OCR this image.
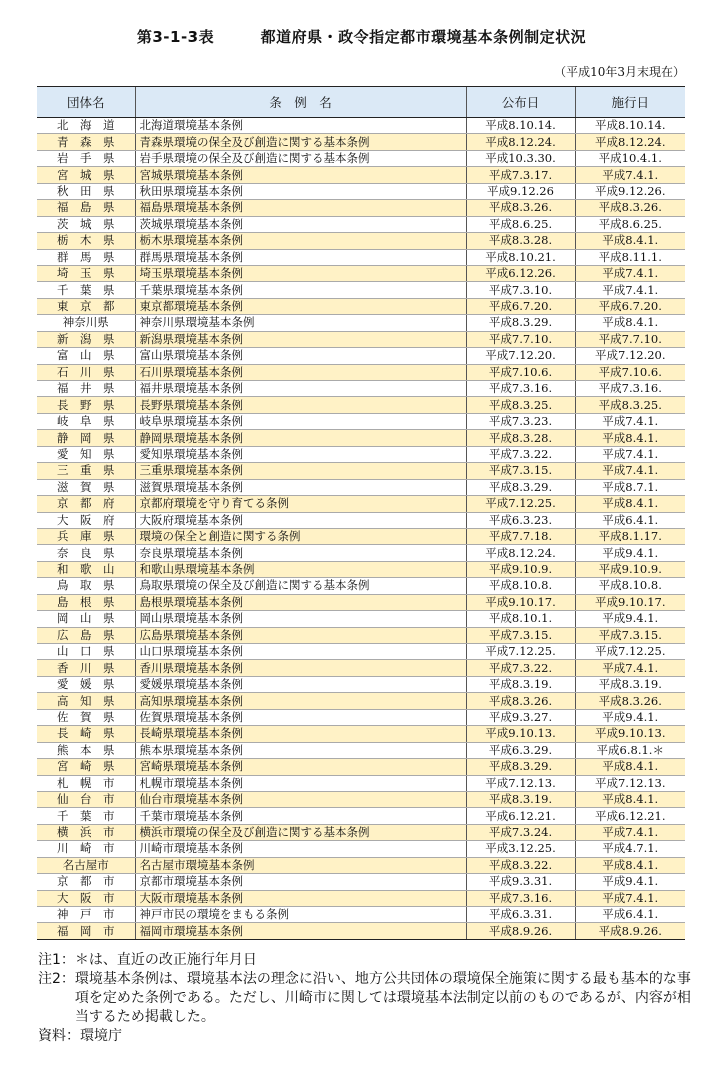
第3-1-3表　　　	都道府県・政令指定都市環境基本条例制定状況
（平成10年3月末現在）
団体名	条　例　名	公布日	施行日
北　海　道	北海道環境基本条例	平成8.10.14.	平成8.10.14.
青　森　県	青森県環境の保全及び創造に関する基本条例	平成8.12.24.	平成8.12.24.
岩　手　県	岩手県環境の保全及び創造に関する基本条例	平成10.3.30.	平成10.4.1.
宮　城　県	宮城県環境基本条例	平成7.3.17.	平成7.4.1.
秋　田　県	秋田県環境基本条例	平成9.12.26	平成9.12.26.
福　島　県	福島県環境基本条例	平成8.3.26.	平成8.3.26.
茨　城　県	茨城県環境基本条例	平成8.6.25.	平成8.6.25.
栃　木　県	栃木県環境基本条例	平成8.3.28.	平成8.4.1.
群　馬　県	群馬県環境基本条例	平成8.10.21.	平成8.11.1.
埼　玉　県	埼玉県環境基本条例	平成6.12.26.	平成7.4.1.
千　葉　県	千葉県環境基本条例	平成7.3.10.	平成7.4.1.
東　京　都	東京都環境基本条例	平成6.7.20.	平成6.7.20.
神奈川県	神奈川県環境基本条例	平成8.3.29.	平成8.4.1.
新　潟　県	新潟県環境基本条例	平成7.7.10.	平成7.7.10.
富　山　県	富山県環境基本条例	平成7.12.20.	平成7.12.20.
石　川　県	石川県環境基本条例	平成7.10.6.	平成7.10.6.
福　井　県	福井県環境基本条例	平成7.3.16.	平成7.3.16.
長　野　県	長野県環境基本条例	平成8.3.25.	平成8.3.25.
岐　阜　県	岐阜県環境基本条例	平成7.3.23.	平成7.4.1.
静　岡　県	静岡県環境基本条例	平成8.3.28.	平成8.4.1.
愛　知　県	愛知県環境基本条例	平成7.3.22.	平成7.4.1.
三　重　県	三重県環境基本条例	平成7.3.15.	平成7.4.1.
滋　賀　県	滋賀県環境基本条例	平成8.3.29.	平成8.7.1.
京　都　府	京都府環境を守り育てる条例	平成7.12.25.	平成8.4.1.
大　阪　府	大阪府環境基本条例	平成6.3.23.	平成6.4.1.
兵　庫　県	環境の保全と創造に関する条例	平成7.7.18.	平成8.1.17.
奈　良　県	奈良県環境基本条例	平成8.12.24.	平成9.4.1.
和　歌　山	和歌山県環境基本条例	平成9.10.9.	平成9.10.9.
鳥　取　県	鳥取県環境の保全及び創造に関する基本条例	平成8.10.8.	平成8.10.8.
島　根　県	島根県環境基本条例	平成9.10.17.	平成9.10.17.
岡　山　県	岡山県環境基本条例	平成8.10.1.	平成9.4.1.
広　島　県	広島県環境基本条例	平成7.3.15.	平成7.3.15.
山　口　県	山口県環境基本条例	平成7.12.25.	平成7.12.25.
香　川　県	香川県環境基本条例	平成7.3.22.	平成7.4.1.
愛　媛　県	愛媛県環境基本条例	平成8.3.19.	平成8.3.19.
高　知　県	高知県環境基本条例	平成8.3.26.	平成8.3.26.
佐　賀　県	佐賀県環境基本条例	平成9.3.27.	平成9.4.1.
長　崎　県	長崎県環境基本条例	平成9.10.13.	平成9.10.13.
熊　本　県	熊本県環境基本条例	平成6.3.29.	平成6.8.1.＊
宮　崎　県	宮崎県環境基本条例	平成8.3.29.	平成8.4.1.
札　幌　市	札幌市環境基本条例	平成7.12.13.	平成7.12.13.
仙　台　市	仙台市環境基本条例	平成8.3.19.	平成8.4.1.
千　葉　市	千葉市環境基本条例	平成6.12.21.	平成6.12.21.
横　浜　市	横浜市環境の保全及び創造に関する基本条例	平成7.3.24.	平成7.4.1.
川　崎　市	川崎市環境基本条例	平成3.12.25.	平成4.7.1.
名古屋市	名古屋市環境基本条例	平成8.3.22.	平成8.4.1.
京　都　市	京都市環境基本条例	平成9.3.31.	平成9.4.1.
大　阪　市	大阪市環境基本条例	平成7.3.16.	平成7.4.1.
神　戸　市	神戸市民の環境をまもる条例	平成6.3.31.	平成6.4.1.
福　岡　市	福岡市環境基本条例	平成8.9.26.	平成8.9.26.
注1： ＊は、直近の改正施行年月日
注2： 環境基本条例は、環境基本法の理念に沿い、地方公共団体の環境保全施策に関する最も基本的な事項を定めた条例である。ただし、川崎市に関しては環境基本法制定以前のものであるが、内容が相当するため掲載した。
資料： 環境庁
